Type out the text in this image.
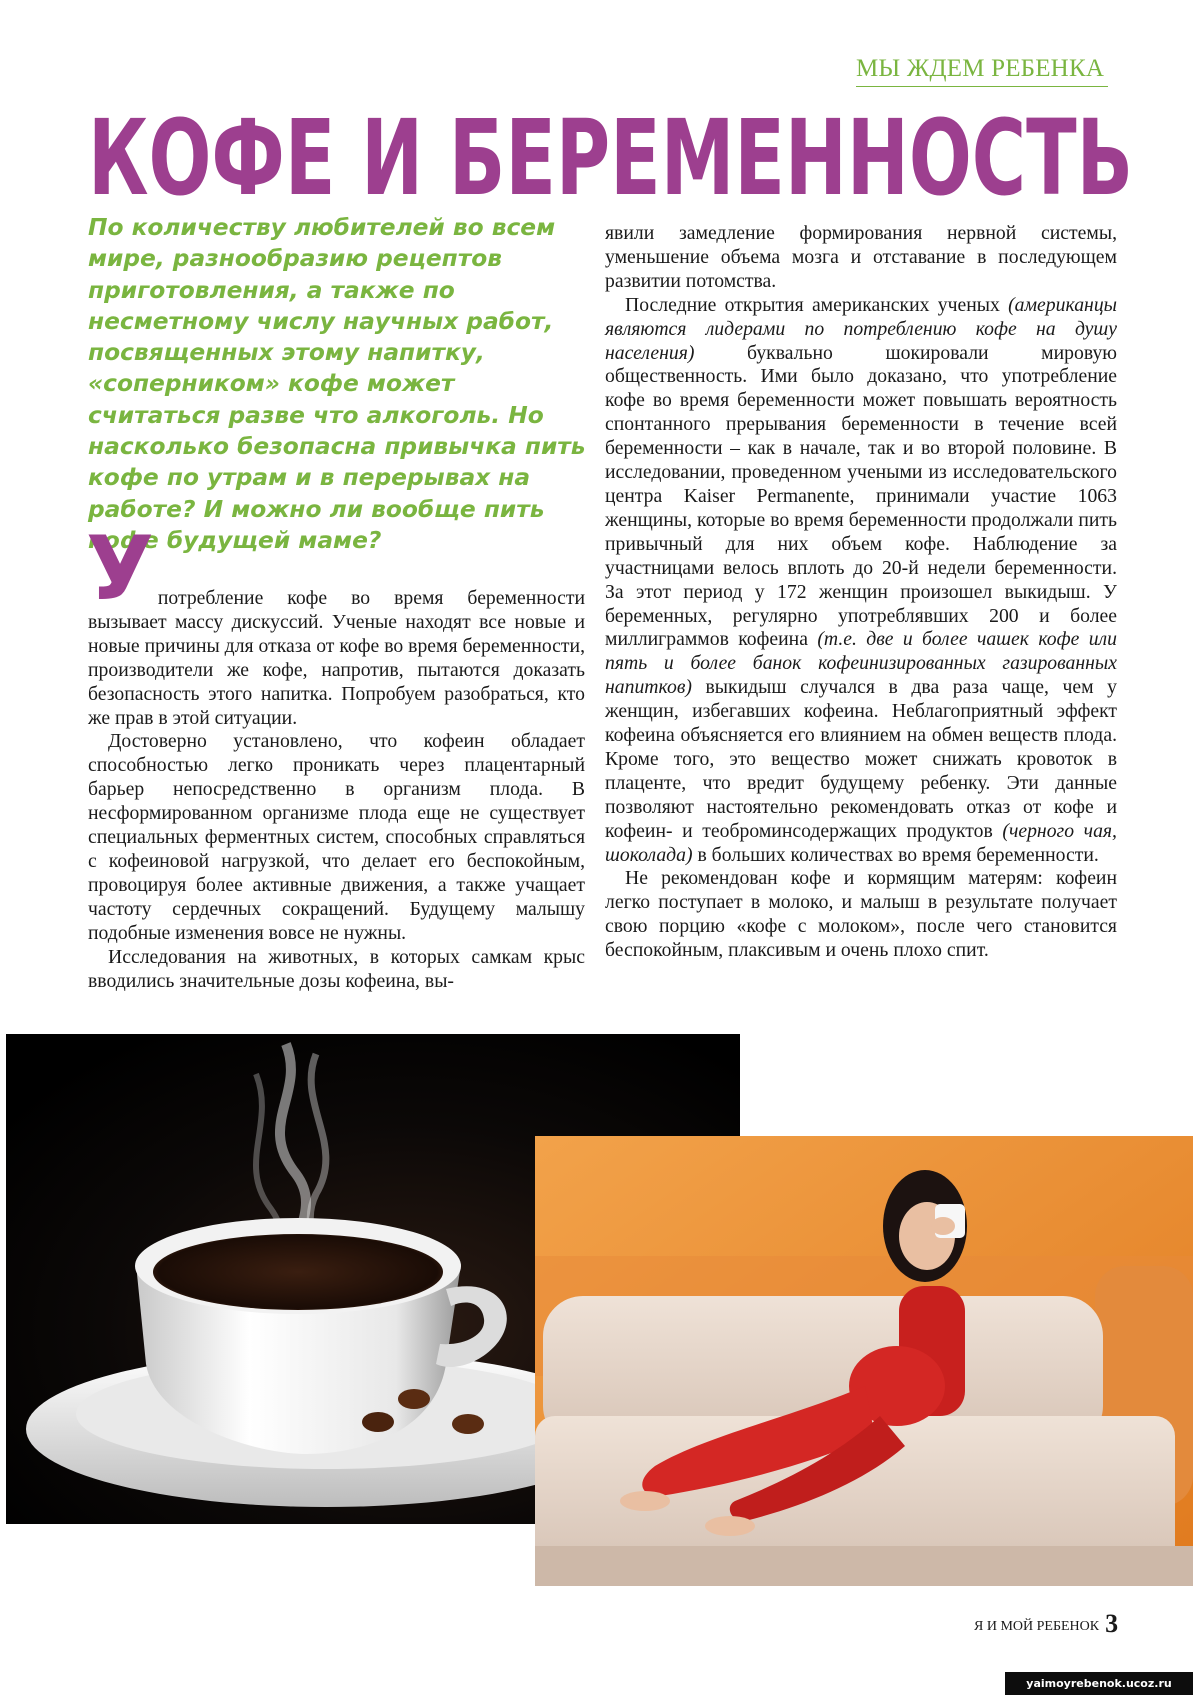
МЫ ЖДЕМ РЕБЕНКА
КОФЕ И БЕРЕМЕННОСТЬ

По количеству любителей во всем мире, разнообразию рецептов приготовления, а также по несметному числу научных работ, посвященных этому напитку, «соперником» кофе может считаться разве что алкоголь. Но насколько безопасна привычка пить кофе по утрам и в перерывах на работе? И можно ли вообще пить кофе будущей маме?

У потребление кофе во время беременности вызывает массу дискуссий. Ученые находят все новые и новые причины для отказа от кофе во время беременности, производители же кофе, напротив, пытаются доказать безопасность этого напитка. Попробуем разобраться, кто же прав в этой ситуации.

Достоверно установлено, что кофеин обладает способностью легко проникать через плацентарный барьер непосредственно в организм плода. В несформированном организме плода еще не существует специальных ферментных систем, способных справляться с кофеиновой нагрузкой, что делает его беспокойным, провоцируя более активные движения, а также учащает частоту сердечных сокращений. Будущему малышу подобные изменения вовсе не нужны.

Исследования на животных, в которых самкам крыс вводились значительные дозы кофеина, вы-

явили замедление формирования нервной системы, уменьшение объема мозга и отставание в последующем развитии потомства.

Последние открытия американских ученых (американцы являются лидерами по потреблению кофе на душу населения) буквально шокировали мировую общественность. Ими было доказано, что употребление кофе во время беременности может повышать вероятность спонтанного прерывания беременности в течение всей беременности – как в начале, так и во второй половине. В исследовании, проведенном учеными из исследовательского центра Kaiser Permanente, принимали участие 1063 женщины, которые во время беременности продолжали пить привычный для них объем кофе. Наблюдение за участницами велось вплоть до 20-й недели беременности. За этот период у 172 женщин произошел выкидыш. У беременных, регулярно употреблявших 200 и более миллиграммов кофеина (т.е. две и более чашек кофе или пять и более банок кофеинизированных газированных напитков) выкидыш случался в два раза чаще, чем у женщин, избегавших кофеина. Неблагоприятный эффект кофеина объясняется его влиянием на обмен веществ плода. Кроме того, это вещество может снижать кровоток в плаценте, что вредит будущему ребенку. Эти данные позволяют настоятельно рекомендовать отказ от кофе и кофеин- и теоброминсодержащих продуктов (черного чая, шоколада) в больших количествах во время беременности.

Не рекомендован кофе и кормящим матерям: кофеин легко поступает в молоко, и малыш в результате получает свою порцию «кофе с молоком», после чего становится беспокойным, плаксивым и очень плохо спит.

Я И МОЙ РЕБЕНОК 3
yaimoyrebenok.ucoz.ru
